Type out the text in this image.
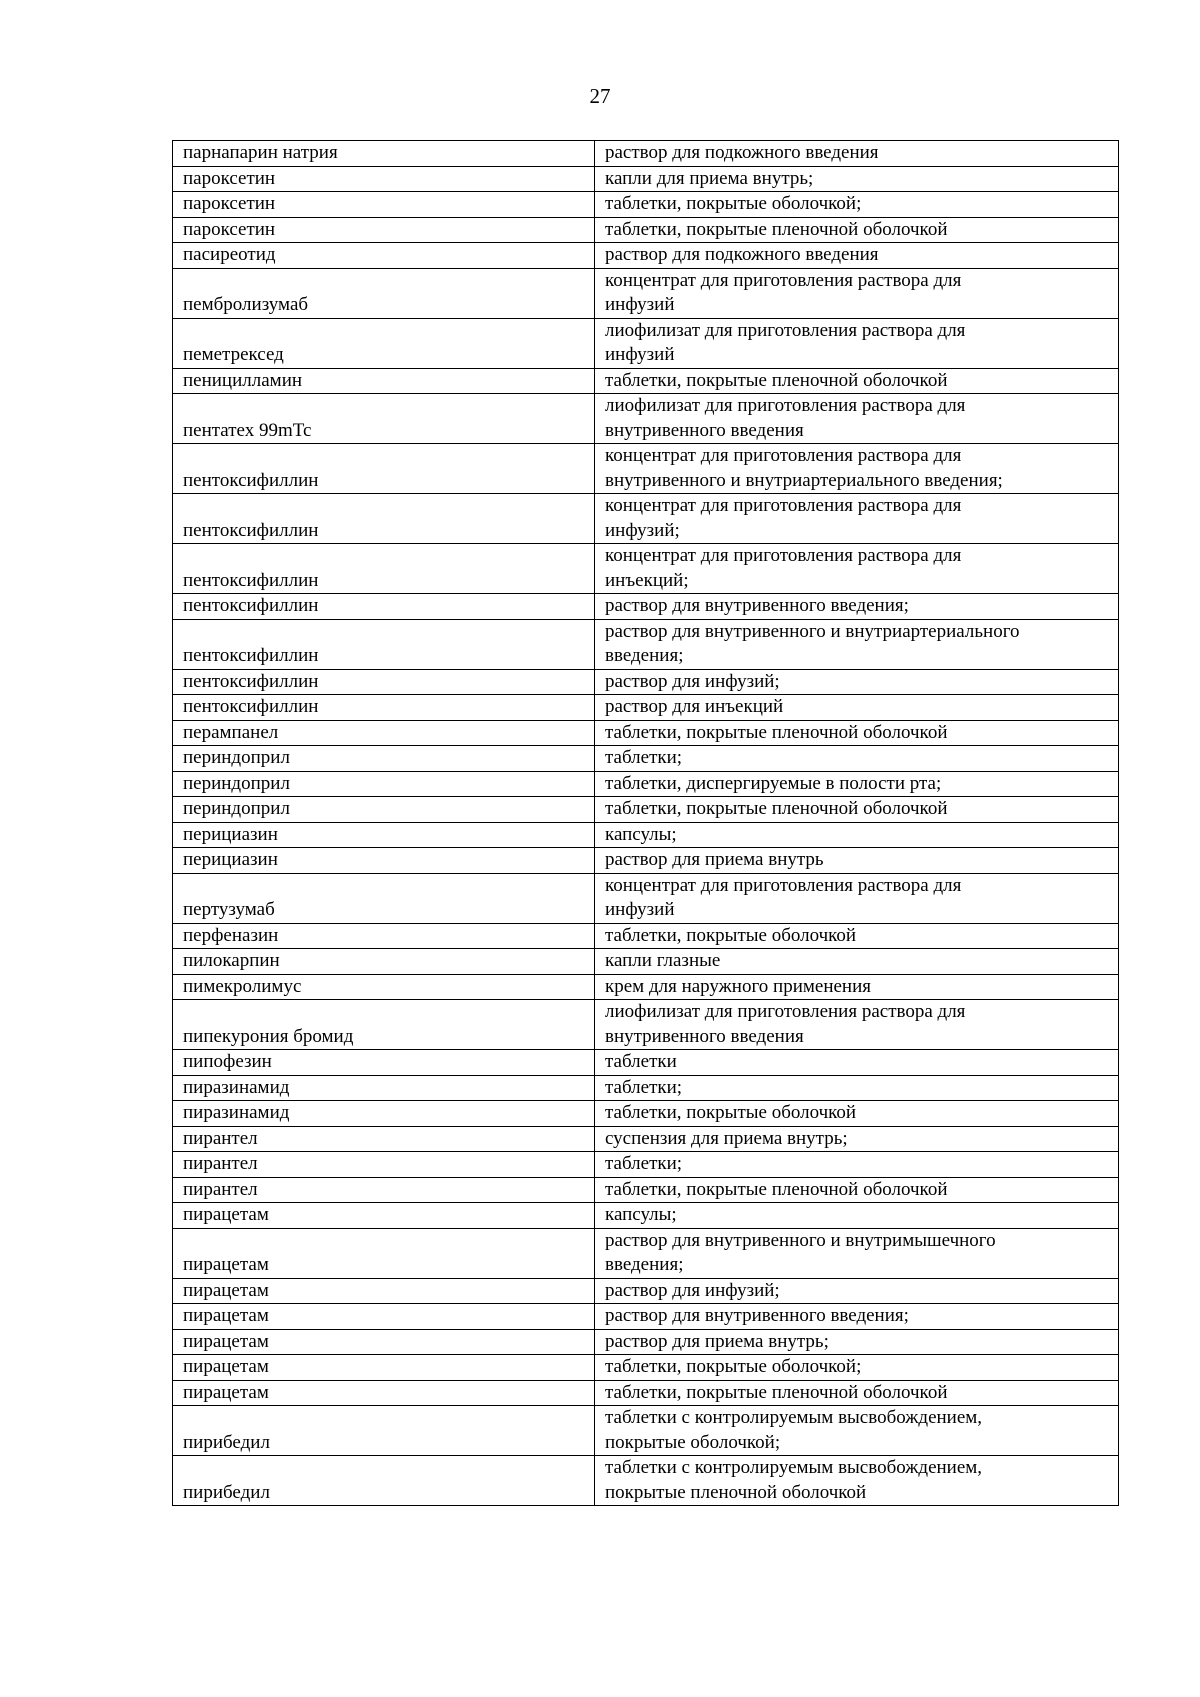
27
парнапарин натрия	раствор для подкожного введения
пароксетин	капли для приема внутрь;
пароксетин	таблетки, покрытые оболочкой;
пароксетин	таблетки, покрытые пленочной оболочкой
пасиреотид	раствор для подкожного введения
пембролизумаб	концентрат для приготовления раствора для
инфузий
пеметрексед	лиофилизат для приготовления раствора для
инфузий
пеницилламин	таблетки, покрытые пленочной оболочкой
пентатех 99mTc	лиофилизат для приготовления раствора для
внутривенного введения
пентоксифиллин	концентрат для приготовления раствора для
внутривенного и внутриартериального введения;
пентоксифиллин	концентрат для приготовления раствора для
инфузий;
пентоксифиллин	концентрат для приготовления раствора для
инъекций;
пентоксифиллин	раствор для внутривенного введения;
пентоксифиллин	раствор для внутривенного и внутриартериального
введения;
пентоксифиллин	раствор для инфузий;
пентоксифиллин	раствор для инъекций
перампанел	таблетки, покрытые пленочной оболочкой
периндоприл	таблетки;
периндоприл	таблетки, диспергируемые в полости рта;
периндоприл	таблетки, покрытые пленочной оболочкой
перициазин	капсулы;
перициазин	раствор для приема внутрь
пертузумаб	концентрат для приготовления раствора для
инфузий
перфеназин	таблетки, покрытые оболочкой
пилокарпин	капли глазные
пимекролимус	крем для наружного применения
пипекурония бромид	лиофилизат для приготовления раствора для
внутривенного введения
пипофезин	таблетки
пиразинамид	таблетки;
пиразинамид	таблетки, покрытые оболочкой
пирантел	суспензия для приема внутрь;
пирантел	таблетки;
пирантел	таблетки, покрытые пленочной оболочкой
пирацетам	капсулы;
пирацетам	раствор для внутривенного и внутримышечного
введения;
пирацетам	раствор для инфузий;
пирацетам	раствор для внутривенного введения;
пирацетам	раствор для приема внутрь;
пирацетам	таблетки, покрытые оболочкой;
пирацетам	таблетки, покрытые пленочной оболочкой
пирибедил	таблетки с контролируемым высвобождением,
покрытые оболочкой;
пирибедил	таблетки с контролируемым высвобождением,
покрытые пленочной оболочкой
